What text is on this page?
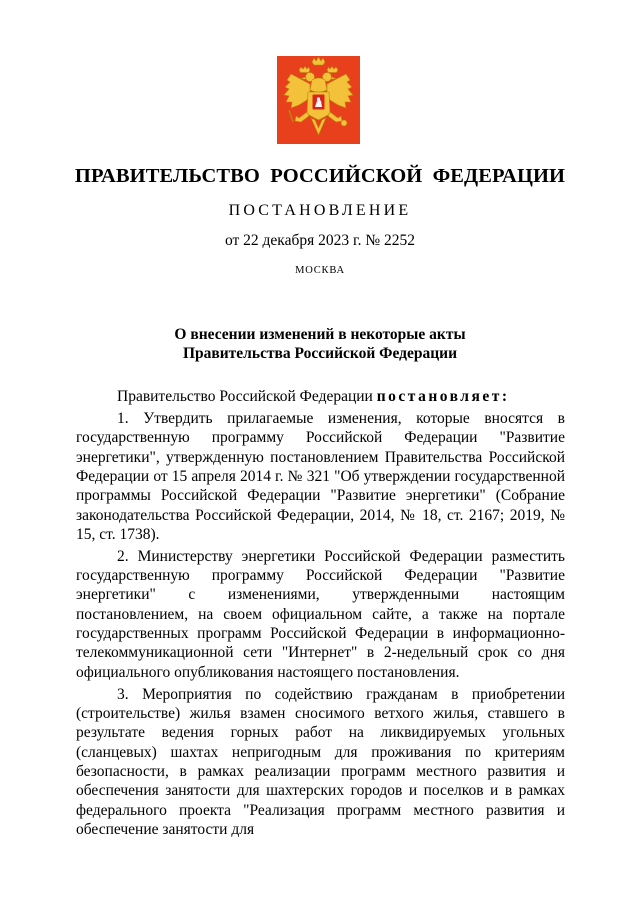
ПРАВИТЕЛЬСТВО РОССИЙСКОЙ ФЕДЕРАЦИИ
ПОСТАНОВЛЕНИЕ
от 22 декабря 2023 г. № 2252
МОСКВА
О внесении изменений в некоторые акты
Правительства Российской Федерации

Правительство Российской Федерации постановляет:

1. Утвердить прилагаемые изменения, которые вносятся в государственную программу Российской Федерации "Развитие энергетики", утвержденную постановлением Правительства Российской Федерации от 15 апреля 2014 г. № 321 "Об утверждении государственной программы Российской Федерации "Развитие энергетики" (Собрание законодательства Российской Федерации, 2014, № 18, ст. 2167; 2019, № 15, ст. 1738).

2. Министерству энергетики Российской Федерации разместить государственную программу Российской Федерации "Развитие энергетики" с изменениями, утвержденными настоящим постановлением, на своем официальном сайте, а также на портале государственных программ Российской Федерации в информационно-телекоммуникационной сети "Интернет" в 2-недельный срок со дня официального опубликования настоящего постановления.

3. Мероприятия по содействию гражданам в приобретении (строительстве) жилья взамен сносимого ветхого жилья, ставшего в результате ведения горных работ на ликвидируемых угольных (сланцевых) шахтах непригодным для проживания по критериям безопасности, в рамках реализации программ местного развития и обеспечения занятости для шахтерских городов и поселков и в рамках федерального проекта "Реализация программ местного развития и обеспечение занятости для
